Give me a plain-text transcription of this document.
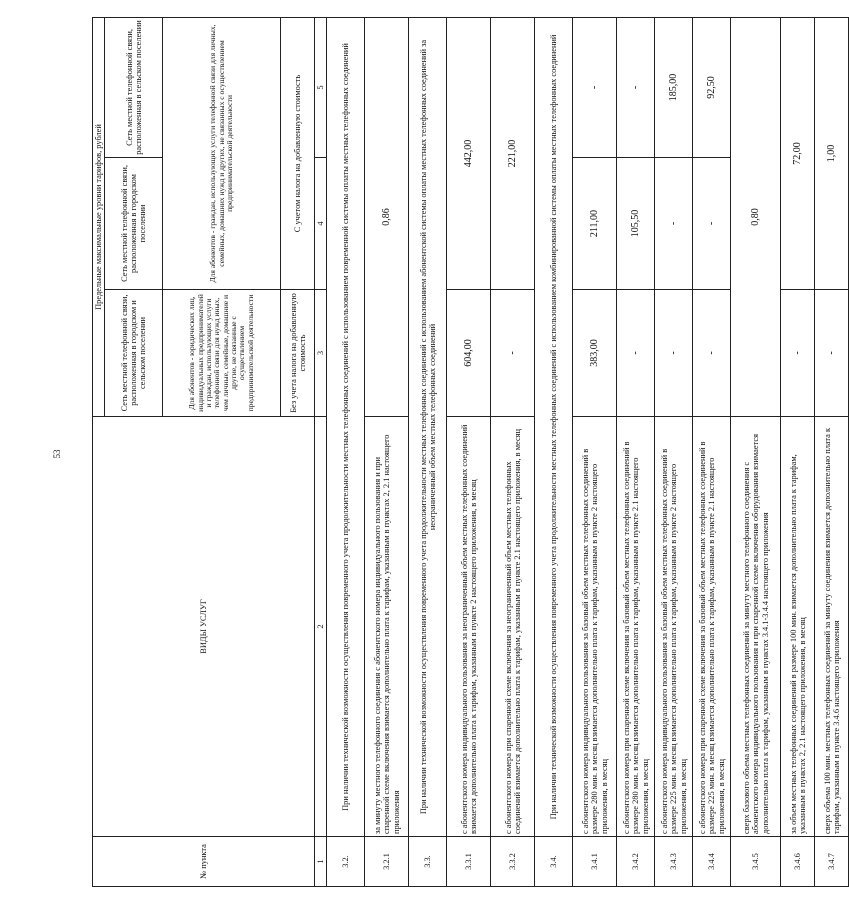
53
№ пункта	ВИДЫ УСЛУГ	Предельные максимальные уровни тарифов, рублей		
		Сеть местной телефонной связи, расположенная в городском и сельском поселении	Сеть местной телефонной связи, расположенная в городском поселении	Сеть местной телефонной связи, расположенная в сельском поселении
		Для абонентов - юридических лиц, индивидуальных предпринимателей и граждан, использующих услуги телефонной связи для нужд иных, чем личные, семейные, домашние и другие, не связанные с осуществлением предпринимательской деятельности	Для абонентов - граждан, использующих услуги телефонной связи для личных, семейных, домашних нужд и других, не связанных с осуществлением предпринимательской деятельности	
		Без учета налога на добавленную стоимость	С учетом налога на добавленную стоимость	
1	2	3	4	5
3.2.	При наличии технической возможности осуществления повременного учета продолжительности местных телефонных соединений с использованием повременной системы оплаты местных телефонных соединений			
3.2.1	за минуту местного телефонного соединения с абонентского номера индивидуального пользования и при спаренной схеме включения взимается дополнительно плата к тарифам, указанным в пунктах 2, 2.1 настоящего приложения	0,86		
3.3.	При наличии технической возможности осуществления повременного учета продолжительности местных телефонных соединений с использованием абонентской системы оплаты местных телефонных соединений за неограниченный объем местных телефонных соединений			
3.3.1	с абонентского номера индивидуального пользования за неограниченный объем местных телефонных соединений взимается дополнительно плата к тарифам, указанным в пункте 2 настоящего приложения, в месяц	604,00	442,00	
3.3.2	с абонентского номера при спаренной схеме включения за неограниченный объем местных телефонных соединений взимается дополнительно плата к тарифам, указанным в пункте 2.1 настоящего приложения, в месяц	-	221,00	
3.4.	При наличии технической возможности осуществления повременного учета продолжительности местных телефонных соединений с использованием комбинированной системы оплаты местных телефонных соединений			
3.4.1	с абонентского номера индивидуального пользования за базовый объем местных телефонных соединений в размере 280 мин. в месяц взимается дополнительно плата к тарифам, указанным в пункте 2 настоящего приложения, в месяц	383,00	211,00	-
3.4.2	с абонентского номера при спаренной схеме включения за базовый объем местных телефонных соединений в размере 280 мин. в месяц взимается дополнительно плата к тарифам, указанным в пункте 2.1 настоящего приложения, в месяц	-	105,50	-
3.4.3	с абонентского номера индивидуального пользования за базовый объем местных телефонных соединений в размере 225 мин. в месяц взимается дополнительно плата к тарифам, указанным в пункте 2 настоящего приложения, в месяц	-	-	185,00
3.4.4	с абонентского номера при спаренной схеме включения за базовый объем местных телефонных соединений в размере 225 мин. в месяц взимается дополнительно плата к тарифам, указанным в пункте 2.1 настоящего приложения, в месяц	-	-	92,50
3.4.5	сверх базового объема местных телефонных соединений за минуту местного телефонного соединения с абонентского номера индивидуального пользования и при спаренной схеме включения оборудования взимается дополнительно плата к тарифам, указанным в пунктах 3.4.1-3.4.4 настоящего приложения	0,80		
3.4.6	за объем местных телефонных соединений в размере 100 мин. взимается дополнительно плата к тарифам, указанным в пунктах 2, 2.1 настоящего приложения, в месяц	-	72,00	
3.4.7	сверх объема 100 мин. местных телефонных соединений за минуту соединения взимается дополнительно плата к тарифам, указанным в пункте 3.4.6 настоящего приложения	-	1,00	
